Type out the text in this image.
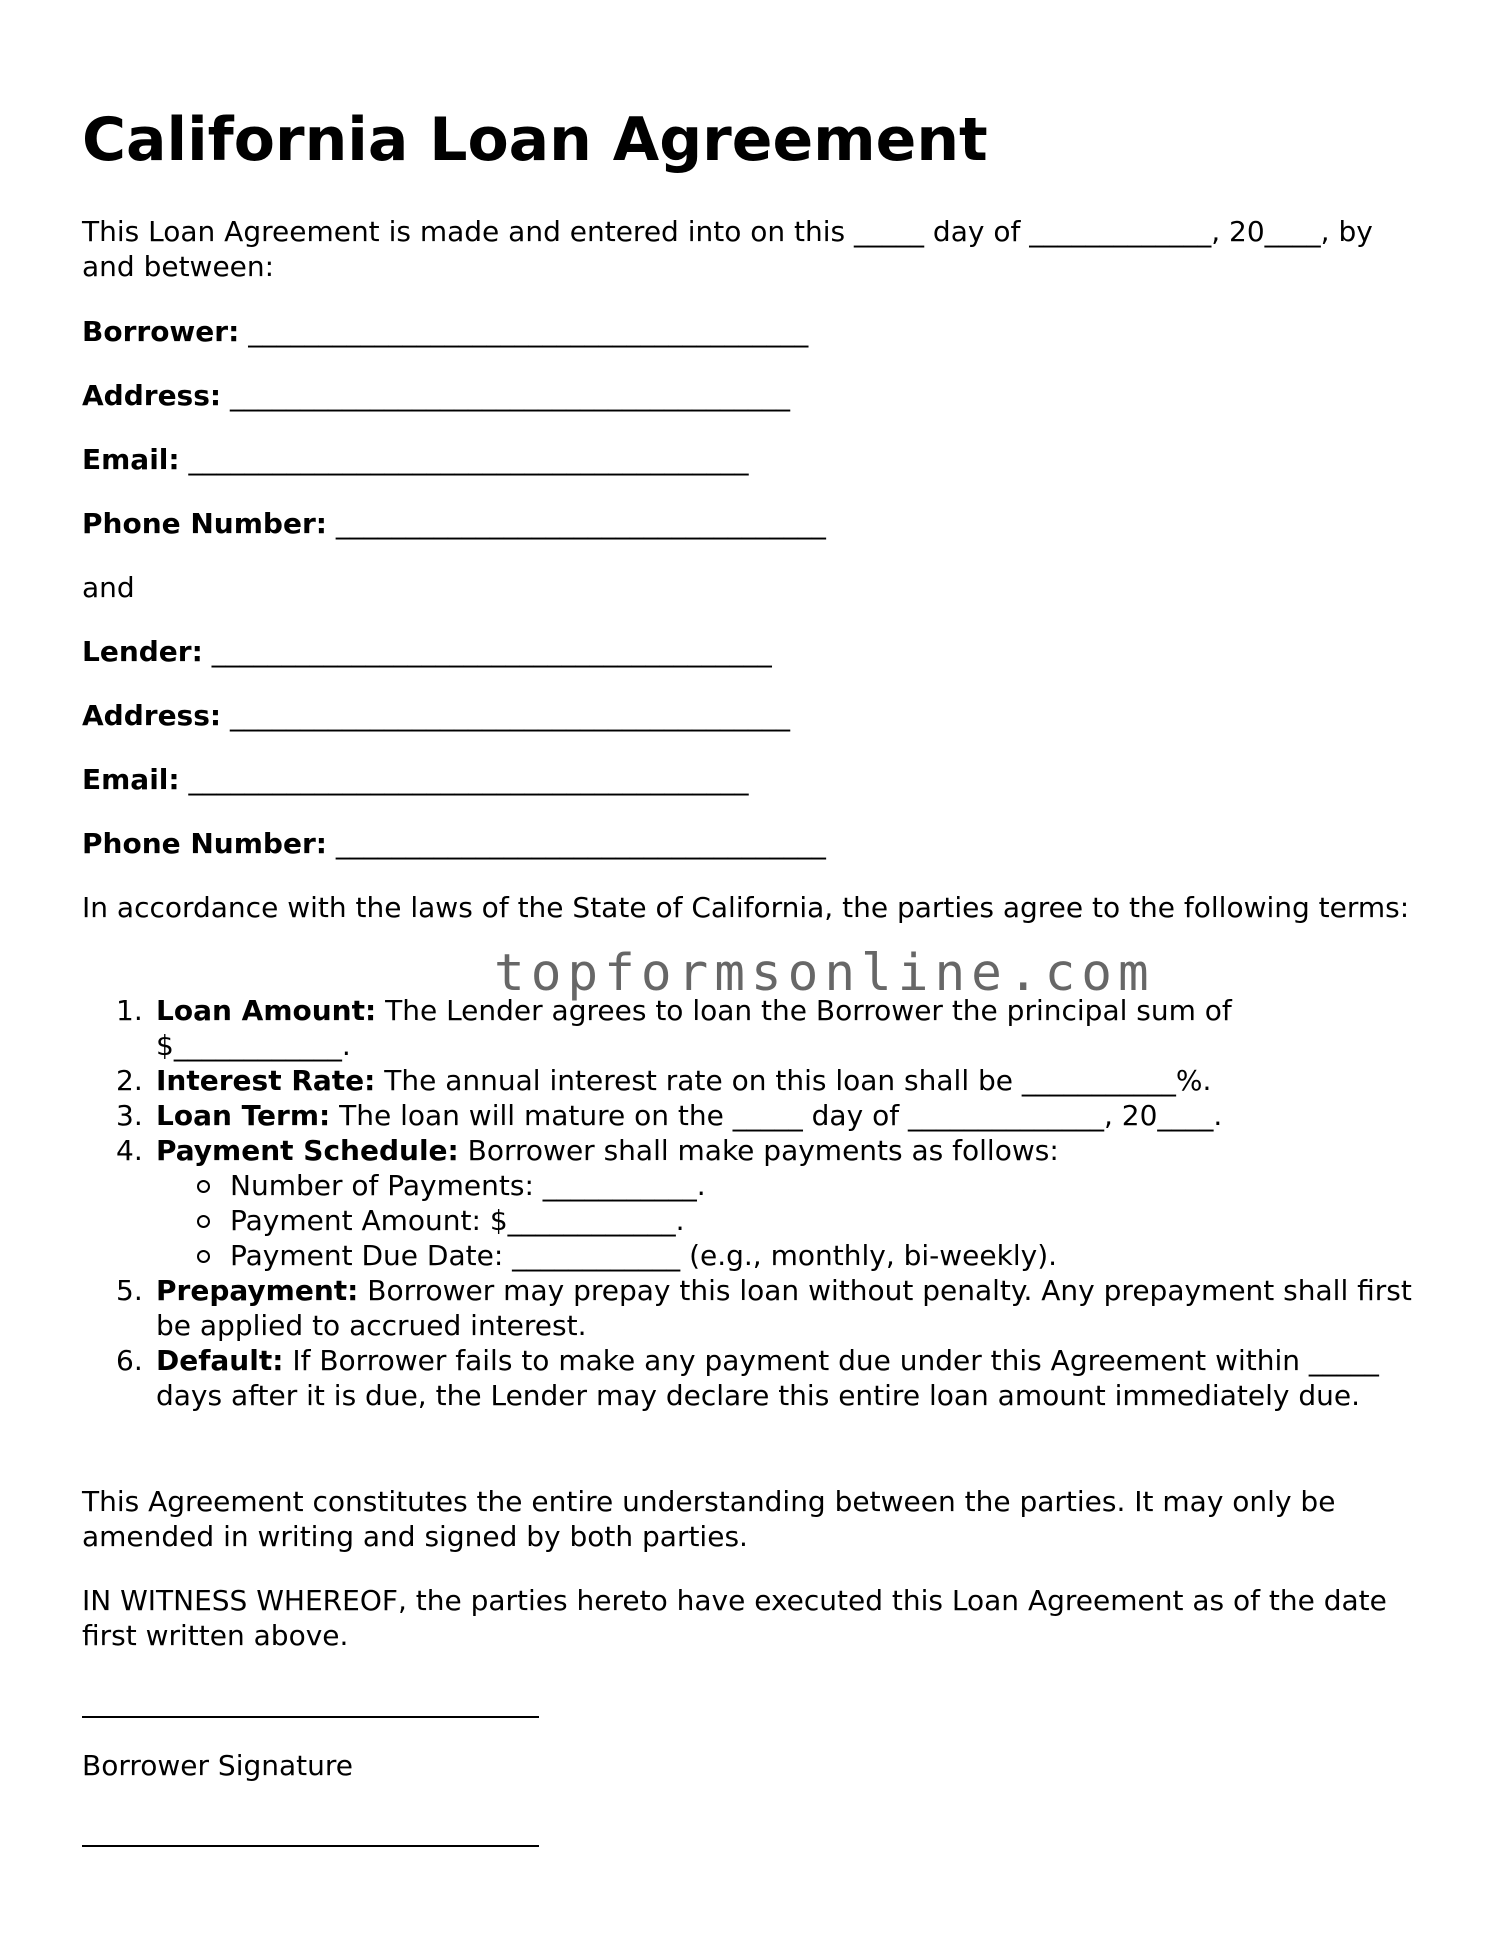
California Loan Agreement

This Loan Agreement is made and entered into on this _____ day of _____________, 20____, by and between:

Borrower: ________________________________________

Address: ________________________________________

Email: ________________________________________

Phone Number: ___________________________________

and

Lender: ________________________________________

Address: ________________________________________

Email: ________________________________________

Phone Number: ___________________________________

In accordance with the laws of the State of California, the parties agree to the following terms:

topformsonline.com
1. Loan Amount: The Lender agrees to loan the Borrower the principal sum of $____________.
2. Interest Rate: The annual interest rate on this loan shall be ___________%.
3. Loan Term: The loan will mature on the _____ day of ______________, 20____.
4. Payment Schedule: Borrower shall make payments as follows:
Number of Payments: ___________.
Payment Amount: $____________.
Payment Due Date: ____________ (e.g., monthly, bi-weekly).
5. Prepayment: Borrower may prepay this loan without penalty. Any prepayment shall first be applied to accrued interest.
6. Default: If Borrower fails to make any payment due under this Agreement within _____ days after it is due, the Lender may declare this entire loan amount immediately due.

This Agreement constitutes the entire understanding between the parties. It may only be amended in writing and signed by both parties.

IN WITNESS WHEREOF, the parties hereto have executed this Loan Agreement as of the date first written above.

Borrower Signature
